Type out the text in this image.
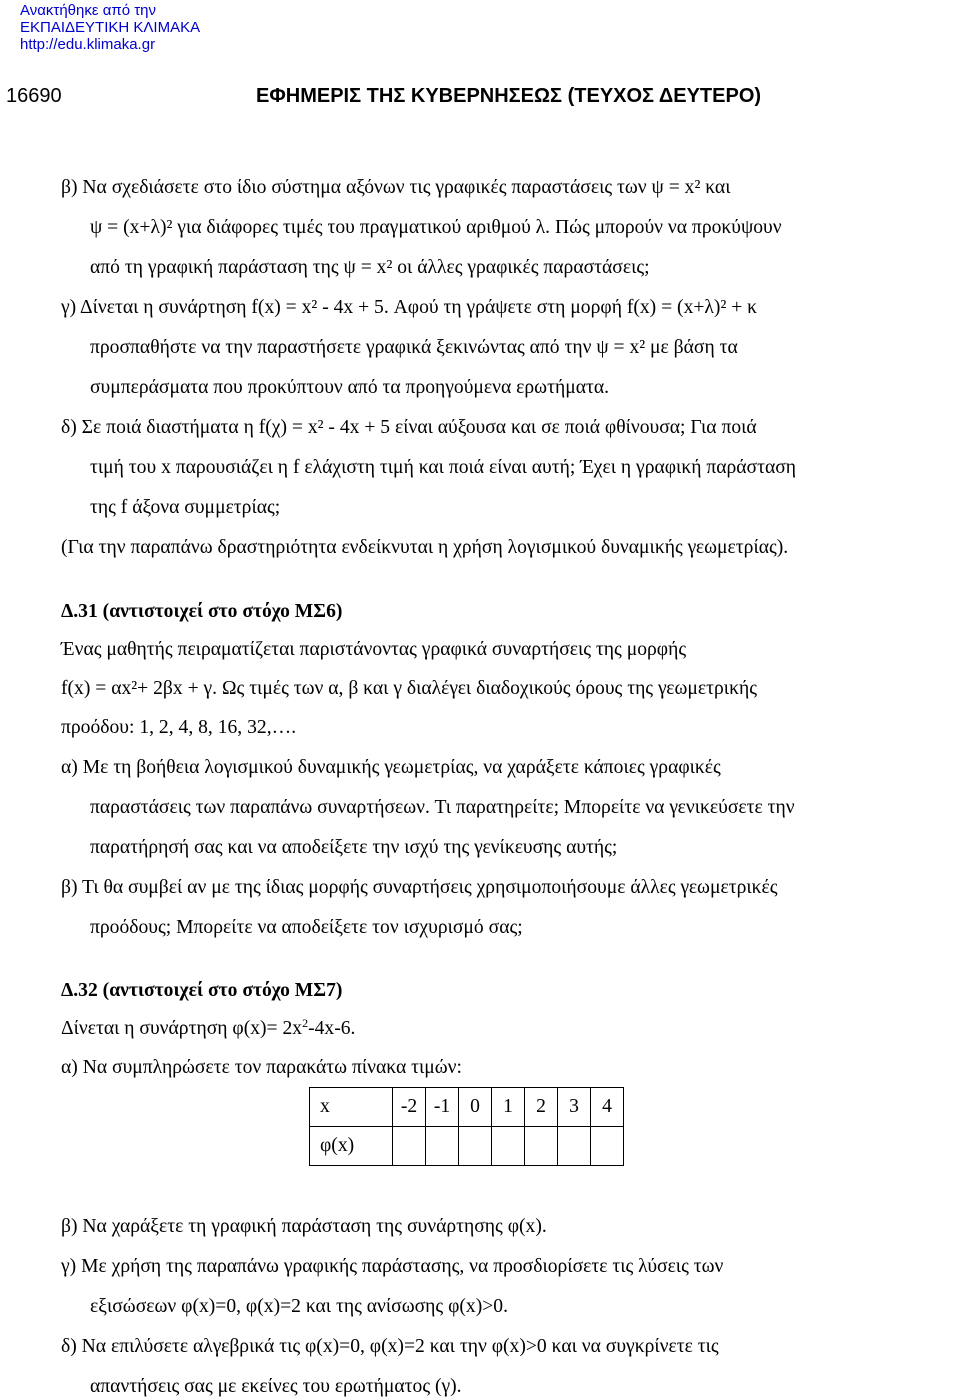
Ανακτήθηκε από την
ΕΚΠΑΙΔΕΥΤΙΚΗ ΚΛΙΜΑΚΑ
http://edu.klimaka.gr
16690	ΕΦΗΜΕΡΙΣ ΤΗΣ ΚΥΒΕΡΝΗΣΕΩΣ (ΤΕΥΧΟΣ ΔΕΥΤΕΡΟ)
β) Να σχεδιάσετε στο ίδιο σύστημα αξόνων τις γραφικές παραστάσεις των ψ = x² και
ψ = (x+λ)² για διάφορες τιμές του πραγματικού αριθμού λ. Πώς μπορούν να προκύψουν
από τη γραφική παράσταση της ψ = x² οι άλλες γραφικές παραστάσεις;
γ) Δίνεται η συνάρτηση f(x) = x² - 4x + 5. Αφού τη γράψετε στη μορφή f(x) = (x+λ)² + κ
προσπαθήστε να την παραστήσετε γραφικά ξεκινώντας από την ψ = x² με βάση τα
συμπεράσματα που προκύπτουν από τα προηγούμενα ερωτήματα.
δ) Σε ποιά διαστήματα η f(χ) = x² - 4x + 5 είναι αύξουσα και σε ποιά φθίνουσα; Για ποιά
τιμή του x παρουσιάζει η f ελάχιστη τιμή και ποιά είναι αυτή; Έχει η γραφική παράσταση
της f άξονα συμμετρίας;
(Για την παραπάνω δραστηριότητα ενδείκνυται η χρήση λογισμικού δυναμικής γεωμετρίας).
Δ.31 (αντιστοιχεί στο στόχο ΜΣ6)
Ένας μαθητής πειραματίζεται παριστάνοντας γραφικά συναρτήσεις της μορφής
f(x) = αx²+ 2βx + γ. Ως τιμές των α, β και γ διαλέγει διαδοχικούς όρους της γεωμετρικής
προόδου: 1, 2, 4, 8, 16, 32,….
α) Με τη βοήθεια λογισμικού δυναμικής γεωμετρίας, να χαράξετε κάποιες γραφικές
παραστάσεις των παραπάνω συναρτήσεων. Τι παρατηρείτε; Μπορείτε να γενικεύσετε την
παρατήρησή σας και να αποδείξετε την ισχύ της γενίκευσης αυτής;
β) Τι θα συμβεί αν με της ίδιας μορφής συναρτήσεις χρησιμοποιήσουμε άλλες γεωμετρικές
προόδους; Μπορείτε να αποδείξετε τον ισχυρισμό σας;
Δ.32 (αντιστοιχεί στο στόχο ΜΣ7)
Δίνεται η συνάρτηση $\varphi(x)= 2x^2-4x-6$.
α) Να συμπληρώσετε τον παρακάτω πίνακα τιμών:
x	-2	-1	0	1	2	3	4
φ(x)							
β) Να χαράξετε τη γραφική παράσταση της συνάρτησης φ(x).
γ) Με χρήση της παραπάνω γραφικής παράστασης, να προσδιορίσετε τις λύσεις των
εξισώσεων φ(x)=0, φ(x)=2 και της ανίσωσης φ(x)>0.
δ) Να επιλύσετε αλγεβρικά τις φ(x)=0, φ(x)=2 και την φ(x)>0 και να συγκρίνετε τις
απαντήσεις σας με εκείνες του ερωτήματος (γ).
